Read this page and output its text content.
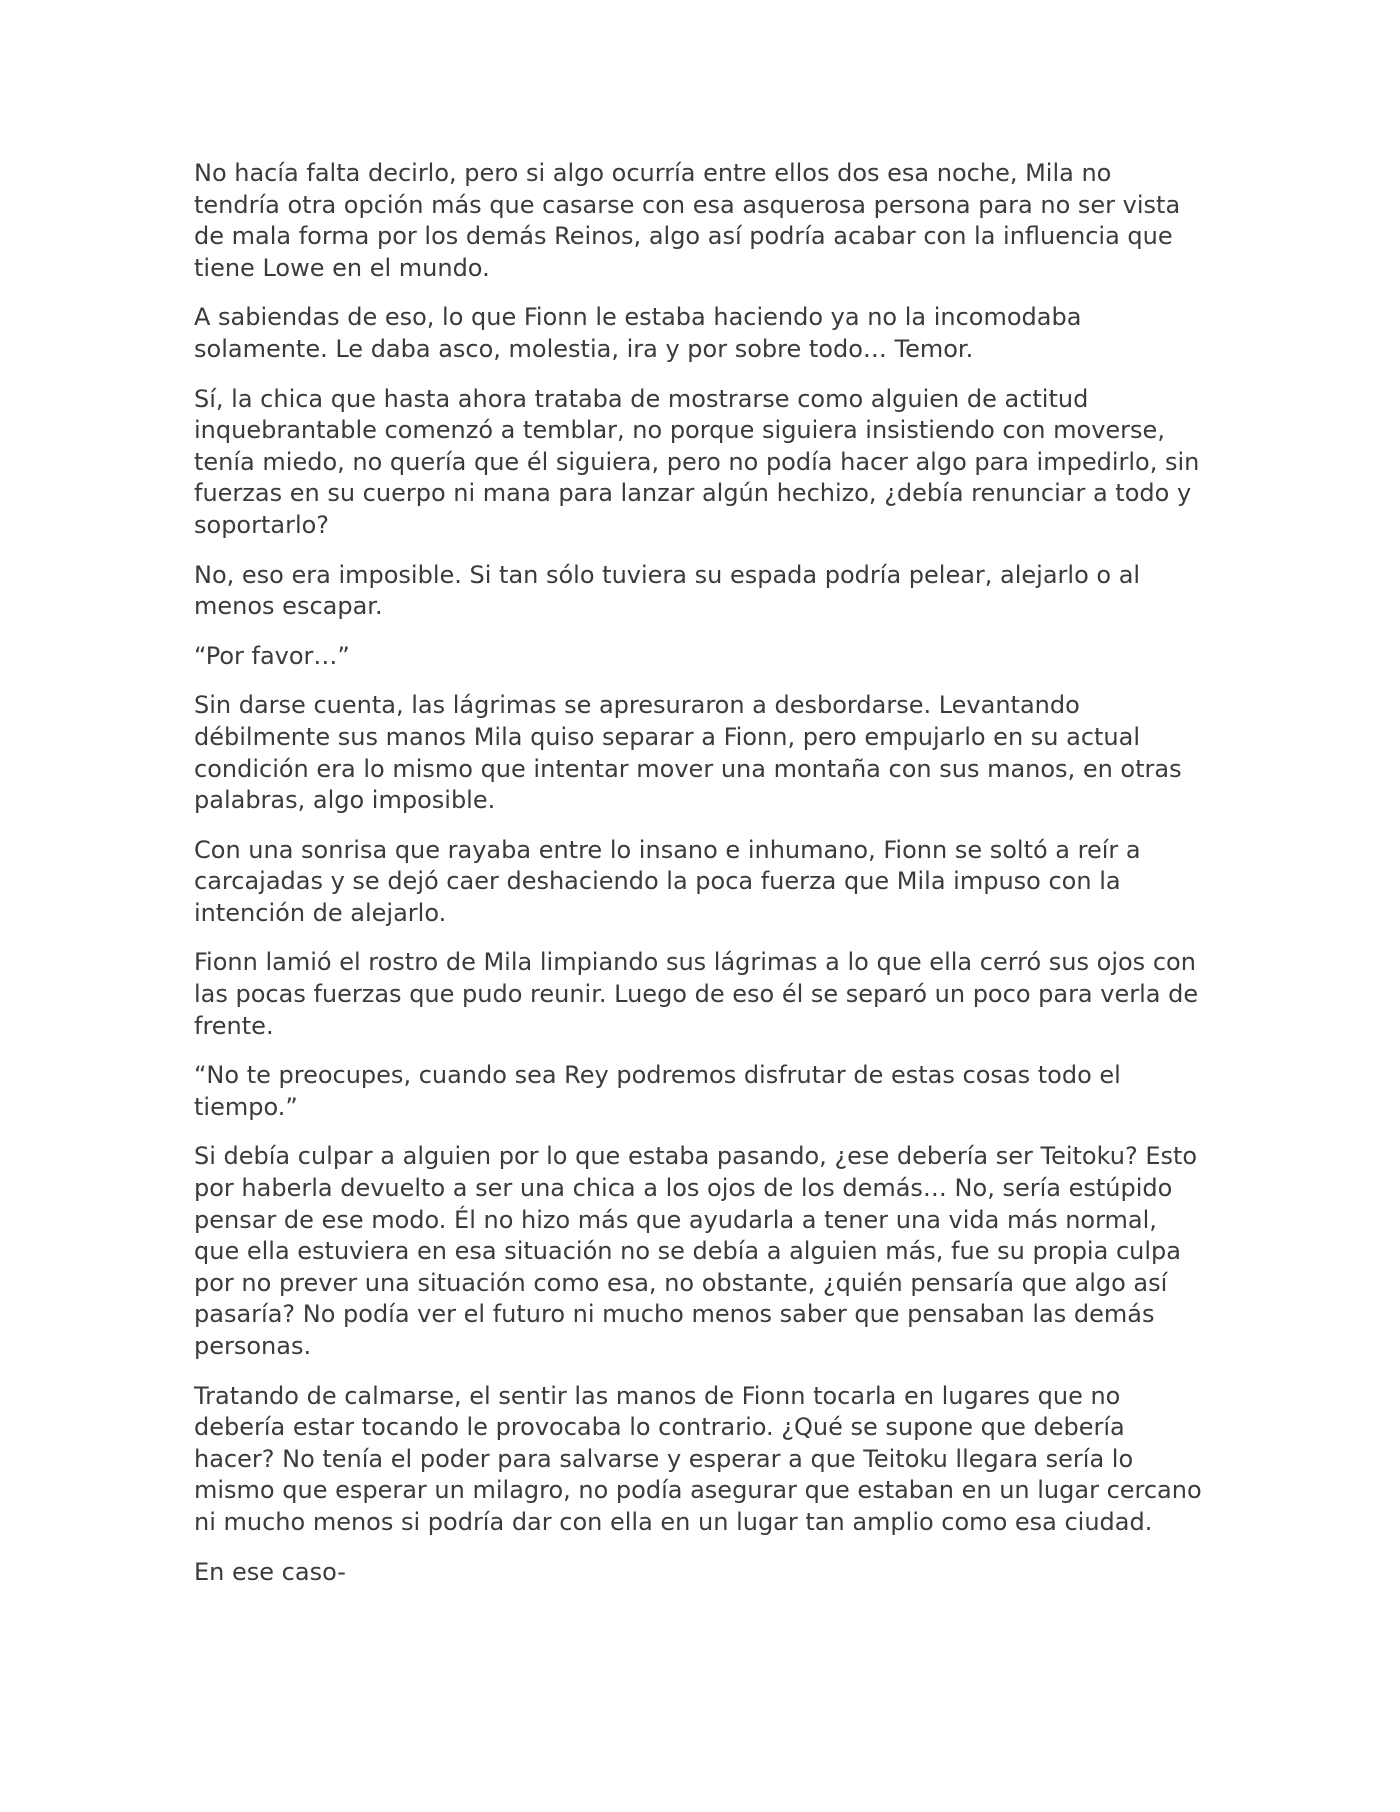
No hacía falta decirlo, pero si algo ocurría entre ellos dos esa noche, Mila no tendría otra opción más que casarse con esa asquerosa persona para no ser vista de mala forma por los demás Reinos, algo así podría acabar con la influencia que tiene Lowe en el mundo.

A sabiendas de eso, lo que Fionn le estaba haciendo ya no la incomodaba solamente. Le daba asco, molestia, ira y por sobre todo… Temor.

Sí, la chica que hasta ahora trataba de mostrarse como alguien de actitud inquebrantable comenzó a temblar, no porque siguiera insistiendo con moverse, tenía miedo, no quería que él siguiera, pero no podía hacer algo para impedirlo, sin fuerzas en su cuerpo ni mana para lanzar algún hechizo, ¿debía renunciar a todo y soportarlo?

No, eso era imposible. Si tan sólo tuviera su espada podría pelear, alejarlo o al menos escapar.

“Por favor…”

Sin darse cuenta, las lágrimas se apresuraron a desbordarse. Levantando débilmente sus manos Mila quiso separar a Fionn, pero empujarlo en su actual condición era lo mismo que intentar mover una montaña con sus manos, en otras palabras, algo imposible.

Con una sonrisa que rayaba entre lo insano e inhumano, Fionn se soltó a reír a carcajadas y se dejó caer deshaciendo la poca fuerza que Mila impuso con la intención de alejarlo.

Fionn lamió el rostro de Mila limpiando sus lágrimas a lo que ella cerró sus ojos con las pocas fuerzas que pudo reunir. Luego de eso él se separó un poco para verla de frente.

“No te preocupes, cuando sea Rey podremos disfrutar de estas cosas todo el tiempo.”

Si debía culpar a alguien por lo que estaba pasando, ¿ese debería ser Teitoku? Esto por haberla devuelto a ser una chica a los ojos de los demás… No, sería estúpido pensar de ese modo. Él no hizo más que ayudarla a tener una vida más normal, que ella estuviera en esa situación no se debía a alguien más, fue su propia culpa por no prever una situación como esa, no obstante, ¿quién pensaría que algo así pasaría? No podía ver el futuro ni mucho menos saber que pensaban las demás personas.

Tratando de calmarse, el sentir las manos de Fionn tocarla en lugares que no debería estar tocando le provocaba lo contrario. ¿Qué se supone que debería hacer? No tenía el poder para salvarse y esperar a que Teitoku llegara sería lo mismo que esperar un milagro, no podía asegurar que estaban en un lugar cercano ni mucho menos si podría dar con ella en un lugar tan amplio como esa ciudad.

En ese caso-
